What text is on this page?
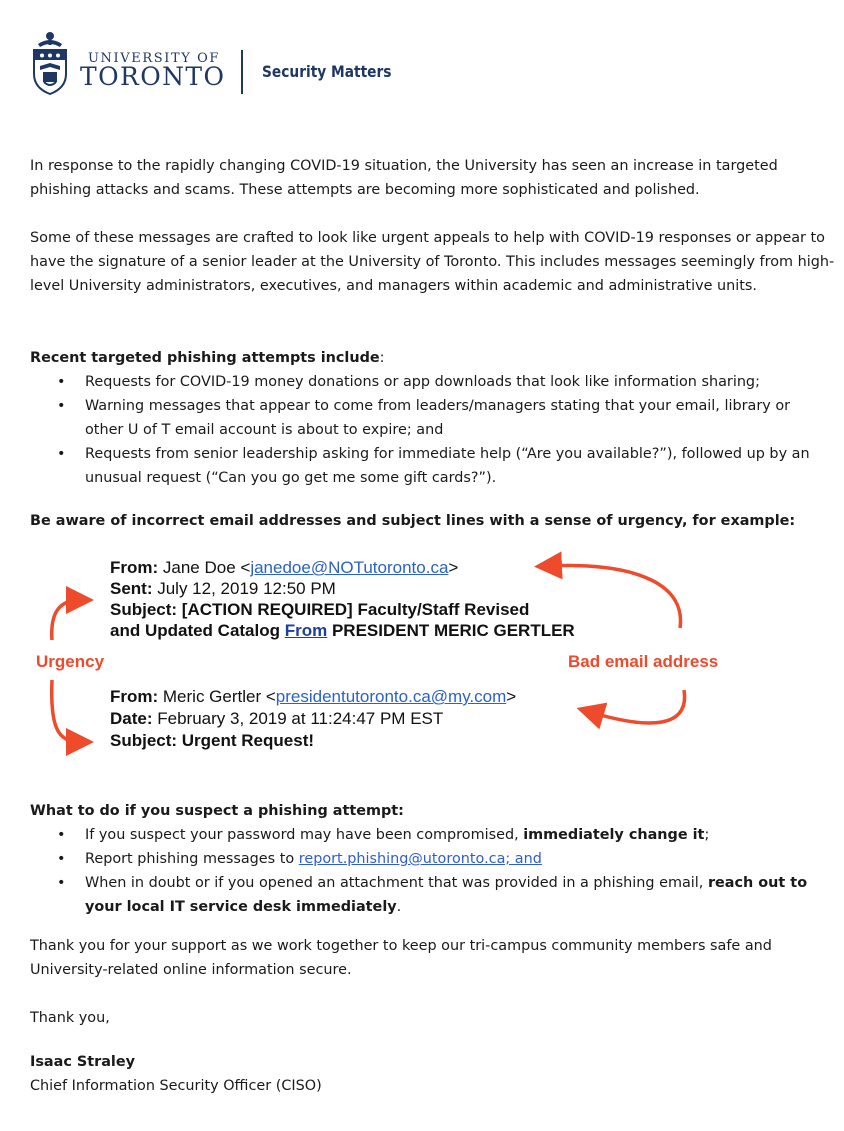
UNIVERSITY OF
TORONTO Security Matters
In response to the rapidly changing COVID-19 situation, the University has seen an increase in targeted phishing attacks and scams. These attempts are becoming more sophisticated and polished.
Some of these messages are crafted to look like urgent appeals to help with COVID-19 responses or appear to have the signature of a senior leader at the University of Toronto. This includes messages seemingly from high-level University administrators, executives, and managers within academic and administrative units.
Recent targeted phishing attempts include:
• Requests for COVID-19 money donations or app downloads that look like information sharing;
• Warning messages that appear to come from leaders/managers stating that your email, library or other U of T email account is about to expire; and
• Requests from senior leadership asking for immediate help (“Are you available?”), followed up by an unusual request (“Can you go get me some gift cards?”).
Be aware of incorrect email addresses and subject lines with a sense of urgency, for example:
From: Jane Doe <janedoe@NOTutoronto.ca>
Sent: July 12, 2019 12:50 PM
Subject: [ACTION REQUIRED] Faculty/Staff Revised
and Updated Catalog From PRESIDENT MERIC GERTLER
Urgency	Bad email address
From: Meric Gertler <presidentutoronto.ca@my.com>
Date: February 3, 2019 at 11:24:47 PM EST
Subject: Urgent Request!
What to do if you suspect a phishing attempt:
• If you suspect your password may have been compromised, immediately change it;
• Report phishing messages to report.phishing@utoronto.ca; and
• When in doubt or if you opened an attachment that was provided in a phishing email, reach out to your local IT service desk immediately.
Thank you for your support as we work together to keep our tri-campus community members safe and University-related online information secure.
Thank you,
Isaac Straley
Chief Information Security Officer (CISO)
